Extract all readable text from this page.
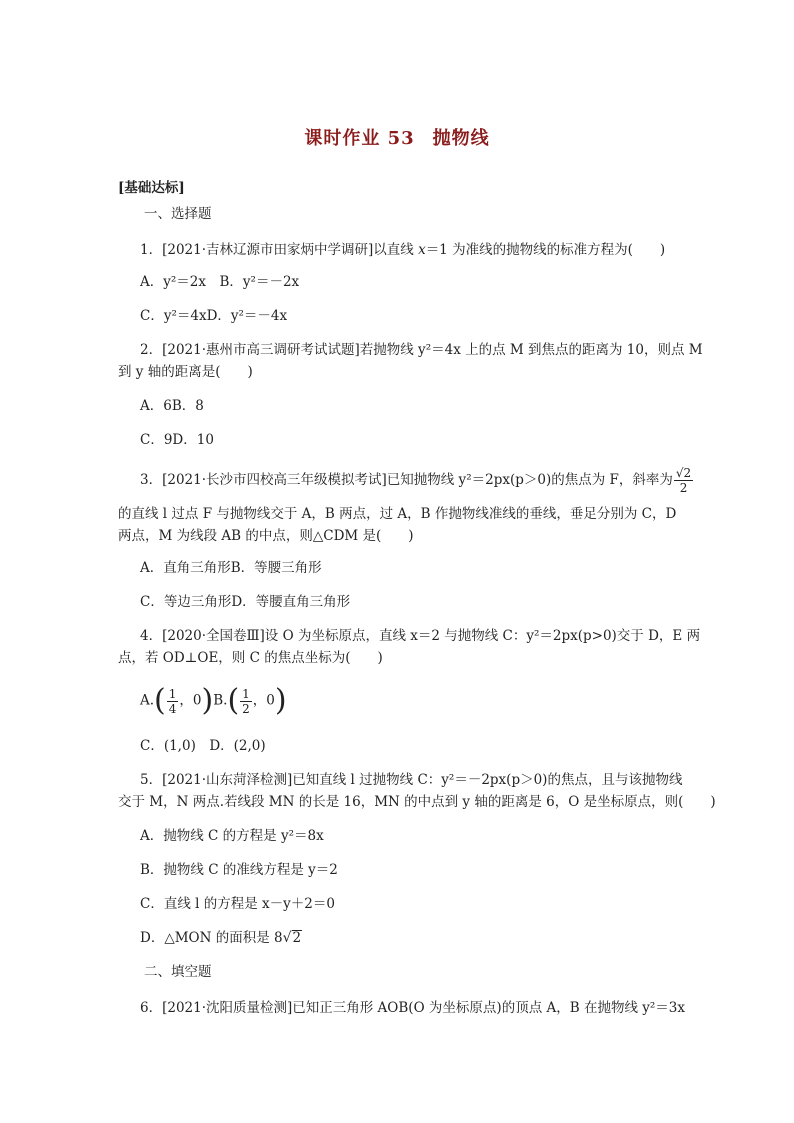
课时作业 53 抛物线
[基础达标]
一、选择题
1．[2021·吉林辽源市田家炳中学调研]以直线 x＝1 为准线的抛物线的标准方程为(　　)
A．y²＝2x　B．y²＝－2x
C．y²＝4xD．y²＝－4x
2．[2021·惠州市高三调研考试试题]若抛物线 y²＝4x 上的点 M 到焦点的距离为 10，则点 M
到 y 轴的距离是(　　)
A．6B．8
C．9D．10
3．[2021·长沙市四校高三年级模拟考试]已知抛物线 y²＝2px(p＞0)的焦点为 F，斜率为 $\frac{√2}{2}$
的直线 l 过点 F 与抛物线交于 A，B 两点，过 A，B 作抛物线准线的垂线，垂足分别为 C，D
两点，M 为线段 AB 的中点，则△CDM 是(　　)
A．直角三角形B．等腰三角形
C．等边三角形D．等腰直角三角形
4．[2020·全国卷Ⅲ]设 O 为坐标原点，直线 x＝2 与抛物线 C：y²＝2px(p>0)交于 D，E 两
点，若 OD⊥OE，则 C 的焦点坐标为(　　)
$A.( \frac{1}{4}$ ，$0)B.( \frac{1}{2}$ ，0)
C．(1,0)　D．(2,0)
5．[2021·山东菏泽检测]已知直线 l 过抛物线 C：y²＝－2px(p＞0)的焦点，且与该抛物线
交于 M，N 两点.若线段 MN 的长是 16，MN 的中点到 y 轴的距离是 6，O 是坐标原点，则(　　)
A．抛物线 C 的方程是 y²＝8x
B．抛物线 C 的准线方程是 y＝2
C．直线 l 的方程是 x－y＋2＝0
D．△MON 的面积是 8√2
二、填空题
6．[2021·沈阳质量检测]已知正三角形 AOB(O 为坐标原点)的顶点 A，B 在抛物线 y²＝3x
